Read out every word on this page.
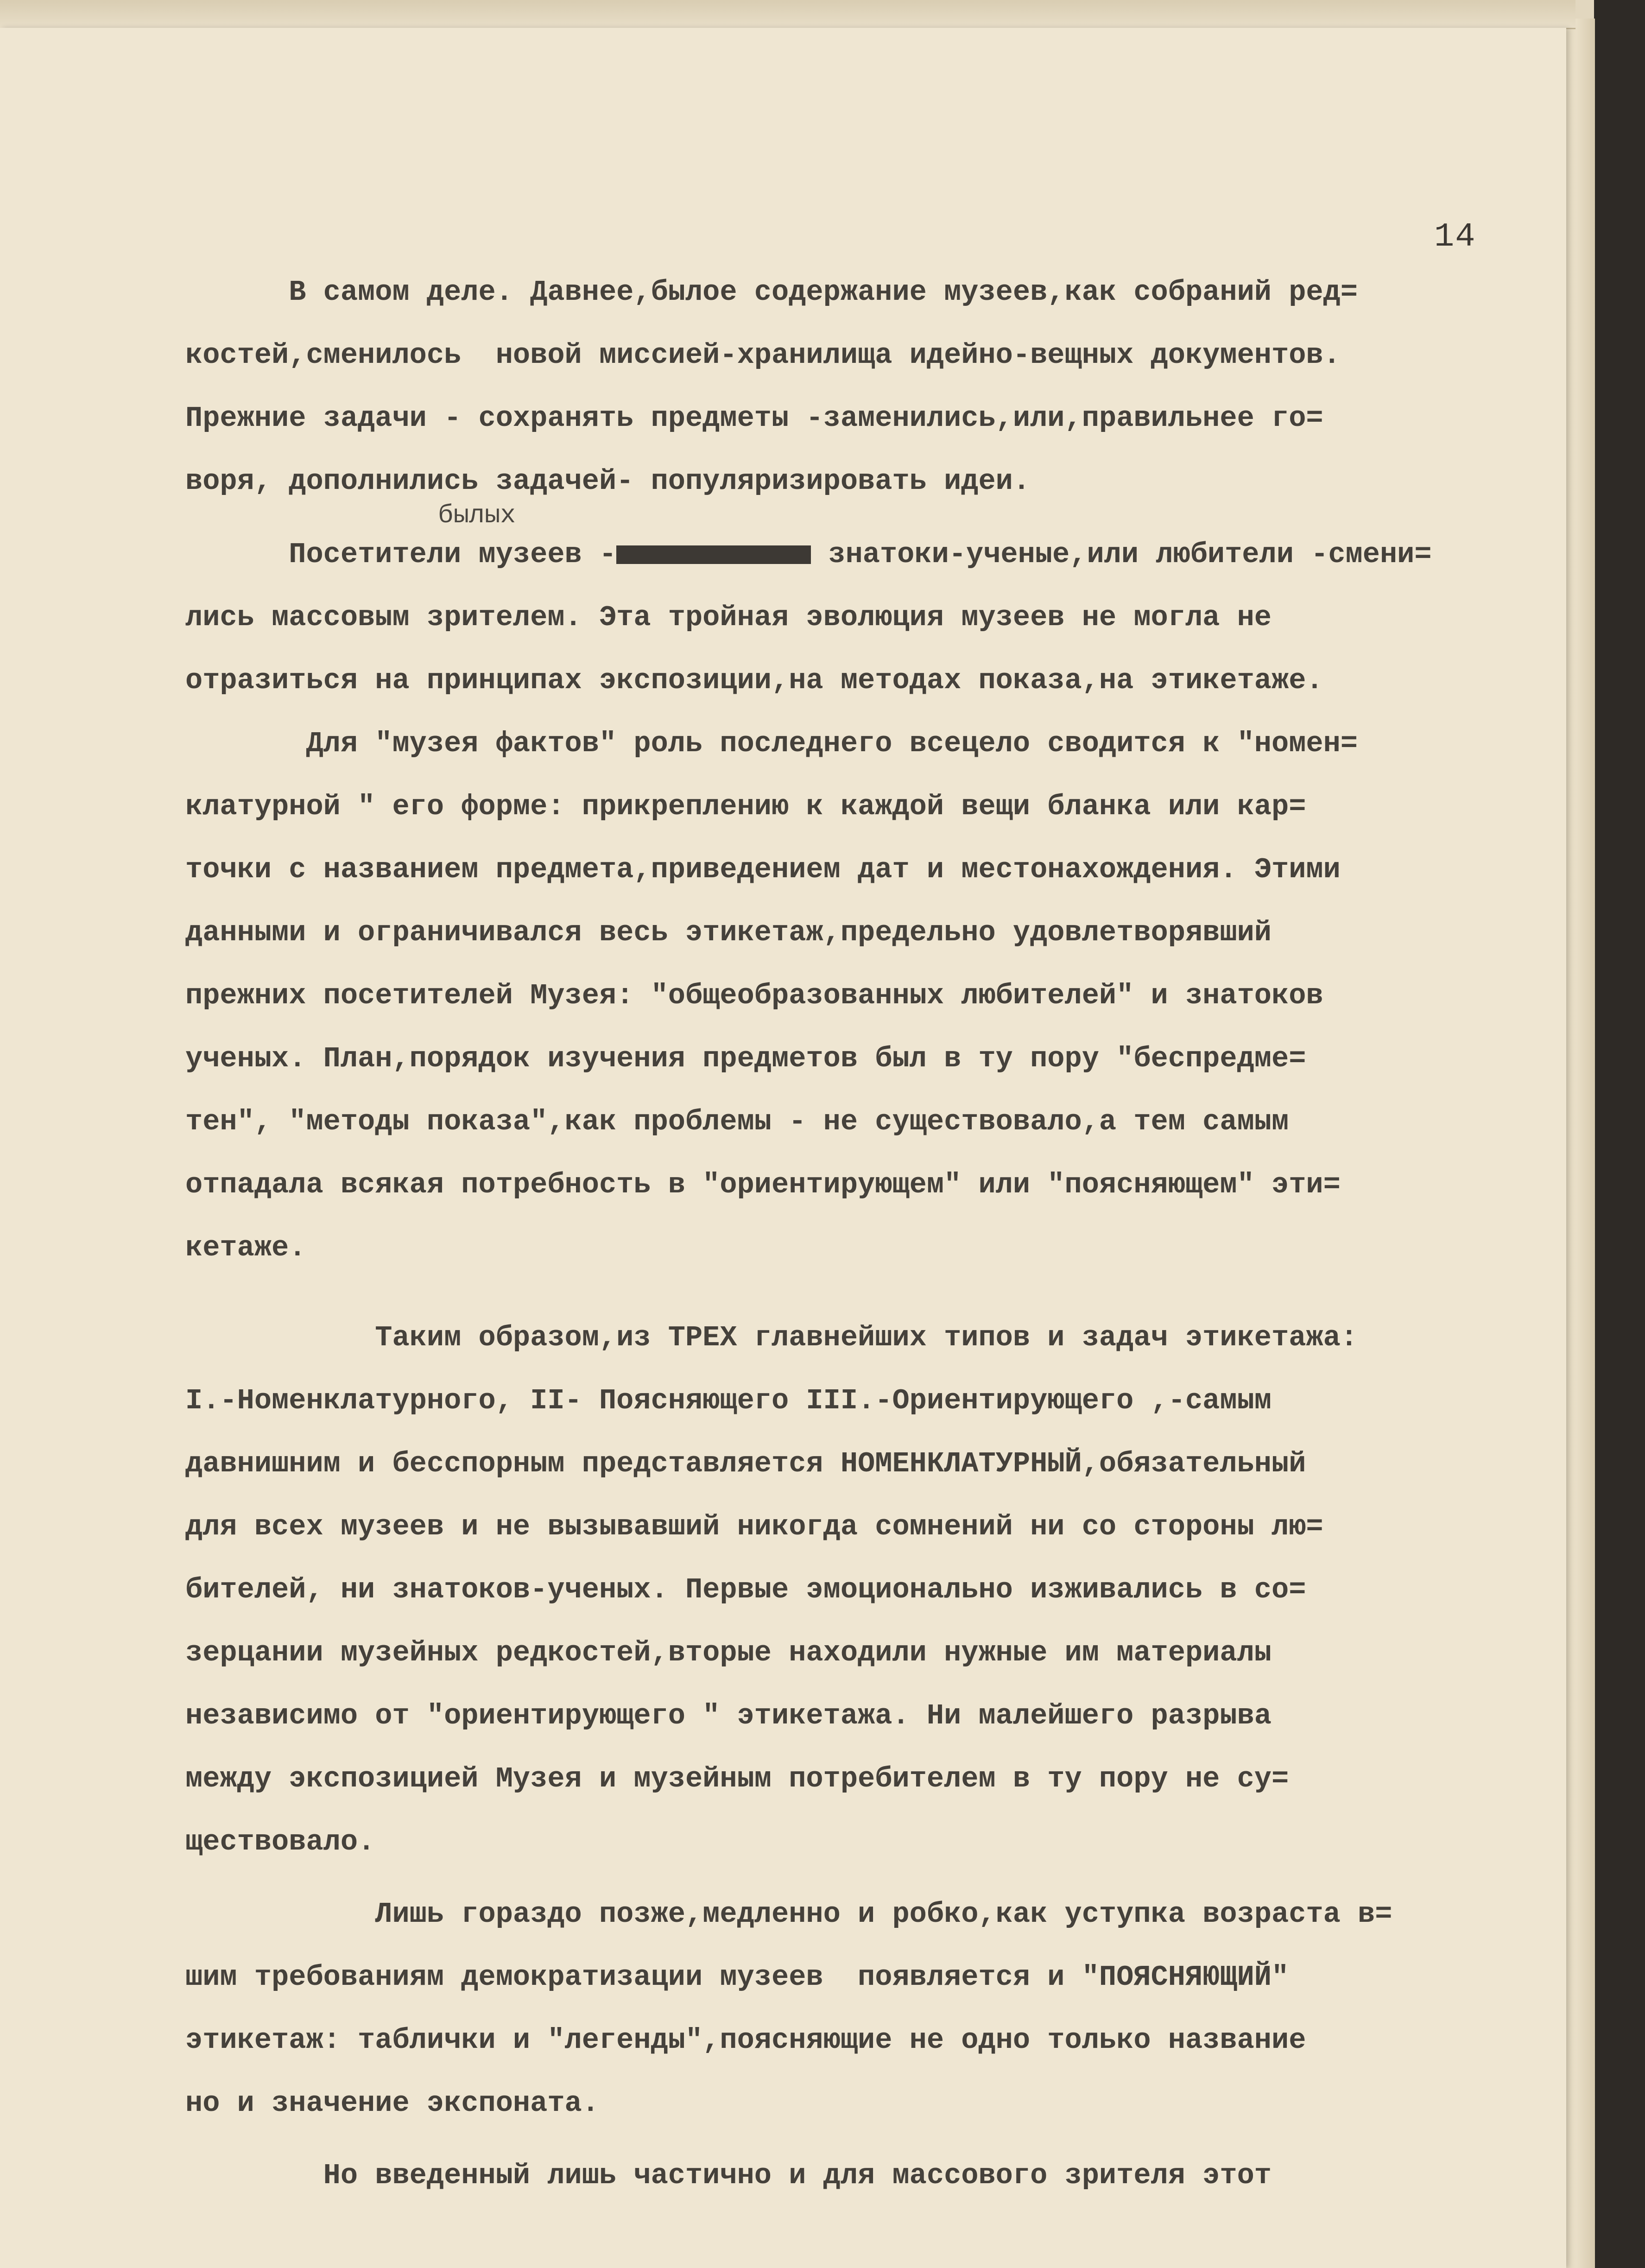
14
В самом деле. Давнее,былое содержание музеев,как собраний ред=
костей,сменилось  новой миссией-хранилища идейно-вещных документов.
Прежние задачи - сохранять предметы -заменились,или,правильнее го=
воря, дополнились задачей- популяризировать идеи.
былых
Посетители музеев -	знатоки-ученые,или любители -смени=
лись массовым зрителем. Эта тройная эволюция музеев не могла не
отразиться на принципах экспозиции,на методах показа,на этикетаже.
Для "музея фактов" роль последнего всецело сводится к "номен=
клатурной " его форме: прикреплению к каждой вещи бланка или кар=
точки с названием предмета,приведением дат и местонахождения. Этими
данными и ограничивался весь этикетаж,предельно удовлетворявший
прежних посетителей Музея: "общеобразованных любителей" и знатоков
ученых. План,порядок изучения предметов был в ту пору "беспредме=
тен", "методы показа",как проблемы - не существовало,а тем самым
отпадала всякая потребность в "ориентирующем" или "поясняющем" эти=
кетаже.
Таким образом,из ТРЕХ главнейших типов и задач этикетажа:
I.-Номенклатурного, II- Поясняющего III.-Ориентирующего ,-самым
давнишним и бесспорным представляется НОМЕНКЛАТУРНЫЙ,обязательный
для всех музеев и не вызывавший никогда сомнений ни со стороны лю=
бителей, ни знатоков-ученых. Первые эмоционально изживались в со=
зерцании музейных редкостей,вторые находили нужные им материалы
независимо от "ориентирующего " этикетажа. Ни малейшего разрыва
между экспозицией Музея и музейным потребителем в ту пору не су=
ществовало.
Лишь гораздо позже,медленно и робко,как уступка возраста в=
шим требованиям демократизации музеев  появляется и "ПОЯСНЯЮЩИЙ"
этикетаж: таблички и "легенды",поясняющие не одно только название
но и значение экспоната.
Но введенный лишь частично и для массового зрителя этот
